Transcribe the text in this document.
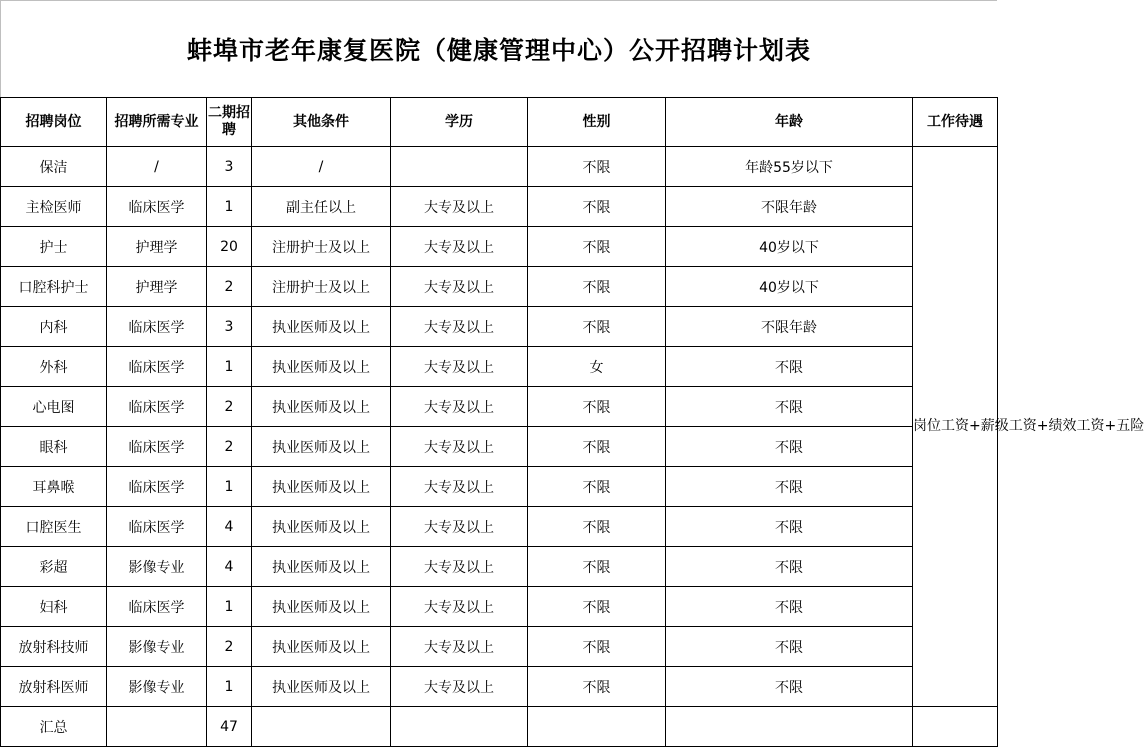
蚌埠市老年康复医院（健康管理中心）公开招聘计划表
招聘岗位	招聘所需专业	二期招聘	其他条件	学历	性别	年龄	工作待遇
保洁	/	3	/		不限	年龄55岁以下	岗位工资+薪级工资+绩效工资+五险
主检医师	临床医学	1	副主任以上	大专及以上	不限	不限年龄	
护士	护理学	20	注册护士及以上	大专及以上	不限	40岁以下	
口腔科护士	护理学	2	注册护士及以上	大专及以上	不限	40岁以下	
内科	临床医学	3	执业医师及以上	大专及以上	不限	不限年龄	
外科	临床医学	1	执业医师及以上	大专及以上	女	不限	
心电图	临床医学	2	执业医师及以上	大专及以上	不限	不限	
眼科	临床医学	2	执业医师及以上	大专及以上	不限	不限	
耳鼻喉	临床医学	1	执业医师及以上	大专及以上	不限	不限	
口腔医生	临床医学	4	执业医师及以上	大专及以上	不限	不限	
彩超	影像专业	4	执业医师及以上	大专及以上	不限	不限	
妇科	临床医学	1	执业医师及以上	大专及以上	不限	不限	
放射科技师	影像专业	2	执业医师及以上	大专及以上	不限	不限	
放射科医师	影像专业	1	执业医师及以上	大专及以上	不限	不限	
汇总		47					
